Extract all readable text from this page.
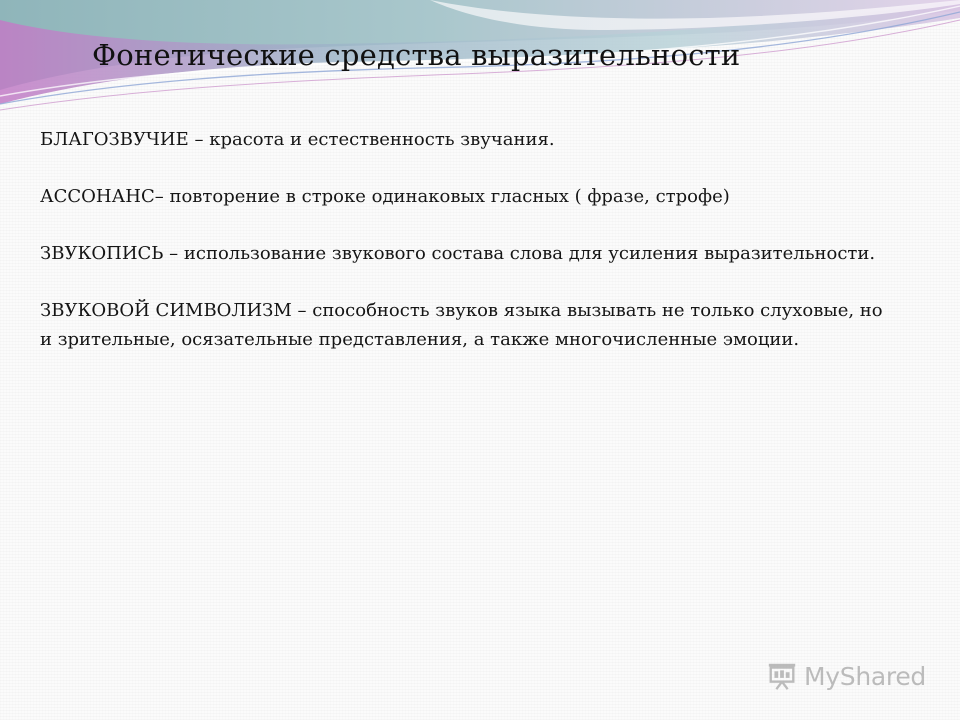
Фонетические средства выразительности

БЛАГОЗВУЧИЕ – красота и естественность звучания.

АССОНАНС– повторение в строке одинаковых гласных ( фразе, строфе)

ЗВУКОПИСЬ – использование звукового состава слова для усиления выразительности.

ЗВУКОВОЙ СИМВОЛИЗМ – способность звуков языка вызывать не только слуховые, но и зрительные, осязательные представления, а также многочисленные эмоции.

MyShared
